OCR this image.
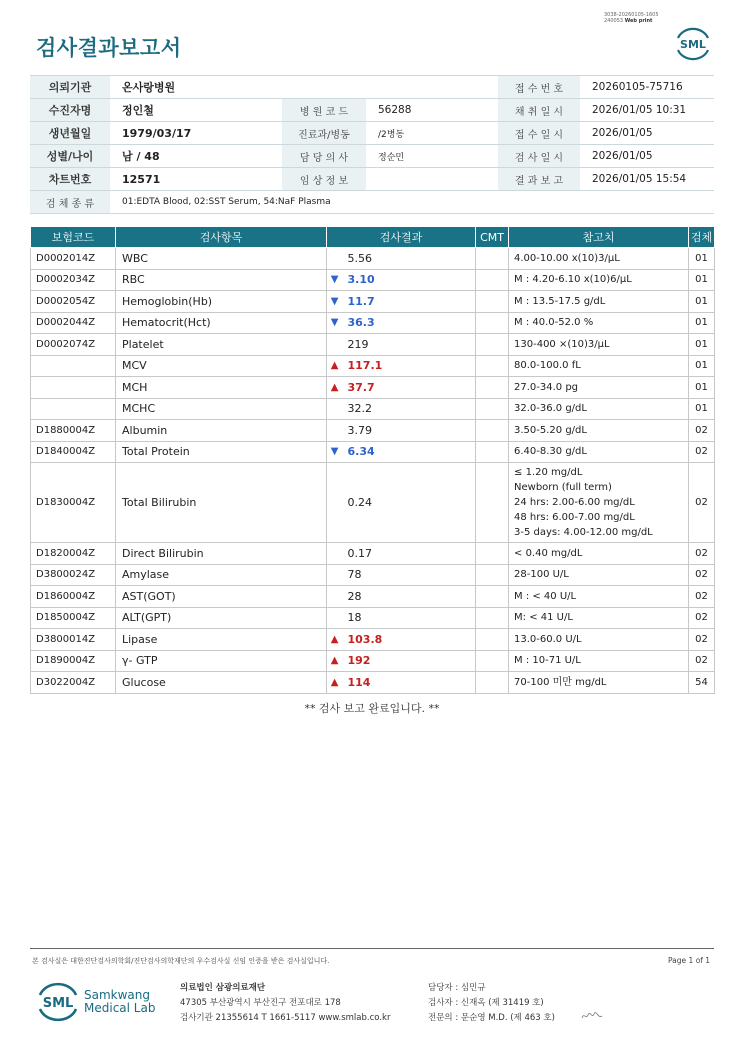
검사결과보고서
3038-20260105-1605
240053 Web print
SML
의뢰기관	온사랑병원			접 수 번 호	20260105-75716
수진자명	정인철	병 원 코 드	56288	채 취 일 시	2026/01/05 10:31
생년월일	1979/03/17	진료과/병동	/2병동	접 수 일 시	2026/01/05
성별/나이	남 / 48	담 당 의 사	정순민	검 사 일 시	2026/01/05
차트번호	12571	임 상 정 보		결 과 보 고	2026/01/05 15:54
검 체 종 류	01:EDTA Blood, 02:SST Serum, 54:NaF Plasma				
보험코드	검사항목	검사결과		CMT	참고치	검체
D0002014Z	WBC		5.56		4.00-10.00 x(10)3/µL	01
D0002034Z	RBC	▼	3.10		M : 4.20-6.10 x(10)6/µL	01
D0002054Z	Hemoglobin(Hb)	▼	11.7		M : 13.5-17.5 g/dL	01
D0002044Z	Hematocrit(Hct)	▼	36.3		M : 40.0-52.0 %	01
D0002074Z	Platelet		219		130-400 ×(10)3/µL	01
	MCV	▲	117.1		80.0-100.0 fL	01
	MCH	▲	37.7		27.0-34.0 pg	01
	MCHC		32.2		32.0-36.0 g/dL	01
D1880004Z	Albumin		3.79		3.50-5.20 g/dL	02
D1840004Z	Total Protein	▼	6.34		6.40-8.30 g/dL	02
D1830004Z	Total Bilirubin		0.24		≤ 1.20 mg/dL
Newborn (full term)
24 hrs: 2.00-6.00 mg/dL
48 hrs: 6.00-7.00 mg/dL
3-5 days: 4.00-12.00 mg/dL	02
D1820004Z	Direct Bilirubin		0.17		< 0.40 mg/dL	02
D3800024Z	Amylase		78		28-100 U/L	02
D1860004Z	AST(GOT)		28		M : < 40 U/L	02
D1850004Z	ALT(GPT)		18		M: < 41 U/L	02
D3800014Z	Lipase	▲	103.8		13.0-60.0 U/L	02
D1890004Z	γ- GTP	▲	192		M : 10-71 U/L	02
D3022004Z	Glucose	▲	114		70-100 미만 mg/dL	54
** 검사 보고 완료입니다. **
본 검사실은 대한진단검사의학회/진단검사의학재단의 우수검사실 신임 인증을 받은 검사실입니다.	Page 1 of 1
SML
Samkwang
Medical Lab
의료법인 삼광의료재단
47305 부산광역시 부산진구 전포대로 178
검사기관 21355614 T 1661-5117 www.smlab.co.kr
담당자 : 심민규
검사자 : 신재옥 (제 31419 호)
전문의 : 문순영 M.D. (제 463 호)
